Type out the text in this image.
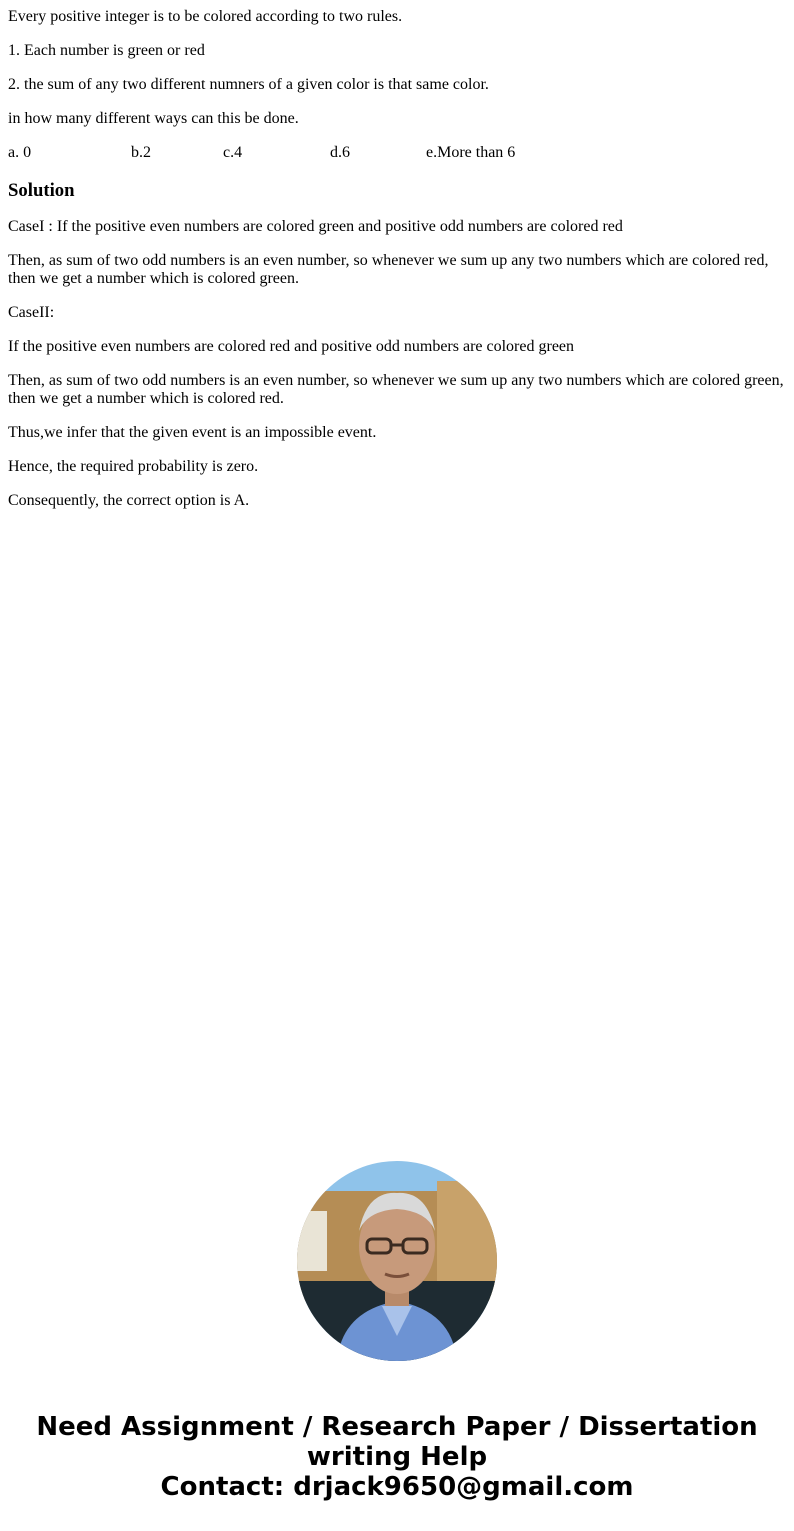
Every positive integer is to be colored according to two rules.

1. Each number is green or red

2. the sum of any two different numners of a given color is that same color.

in how many different ways can this be done.

a. 0	b.2	c.4	d.6	e.More than 6
Solution

CaseI : If the positive even numbers are colored green and positive odd numbers are colored red

Then, as sum of two odd numbers is an even number, so whenever we sum up any two numbers which are colored red, then we get a number which is colored green.

CaseII:

If the positive even numbers are colored red and positive odd numbers are colored green

Then, as sum of two odd numbers is an even number, so whenever we sum up any two numbers which are colored green, then we get a number which is colored red.

Thus,we infer that the given event is an impossible event.

Hence, the required probability is zero.

Consequently, the correct option is A.

Need Assignment / Research Paper / Dissertation
writing Help
Contact: drjack9650@gmail.com
